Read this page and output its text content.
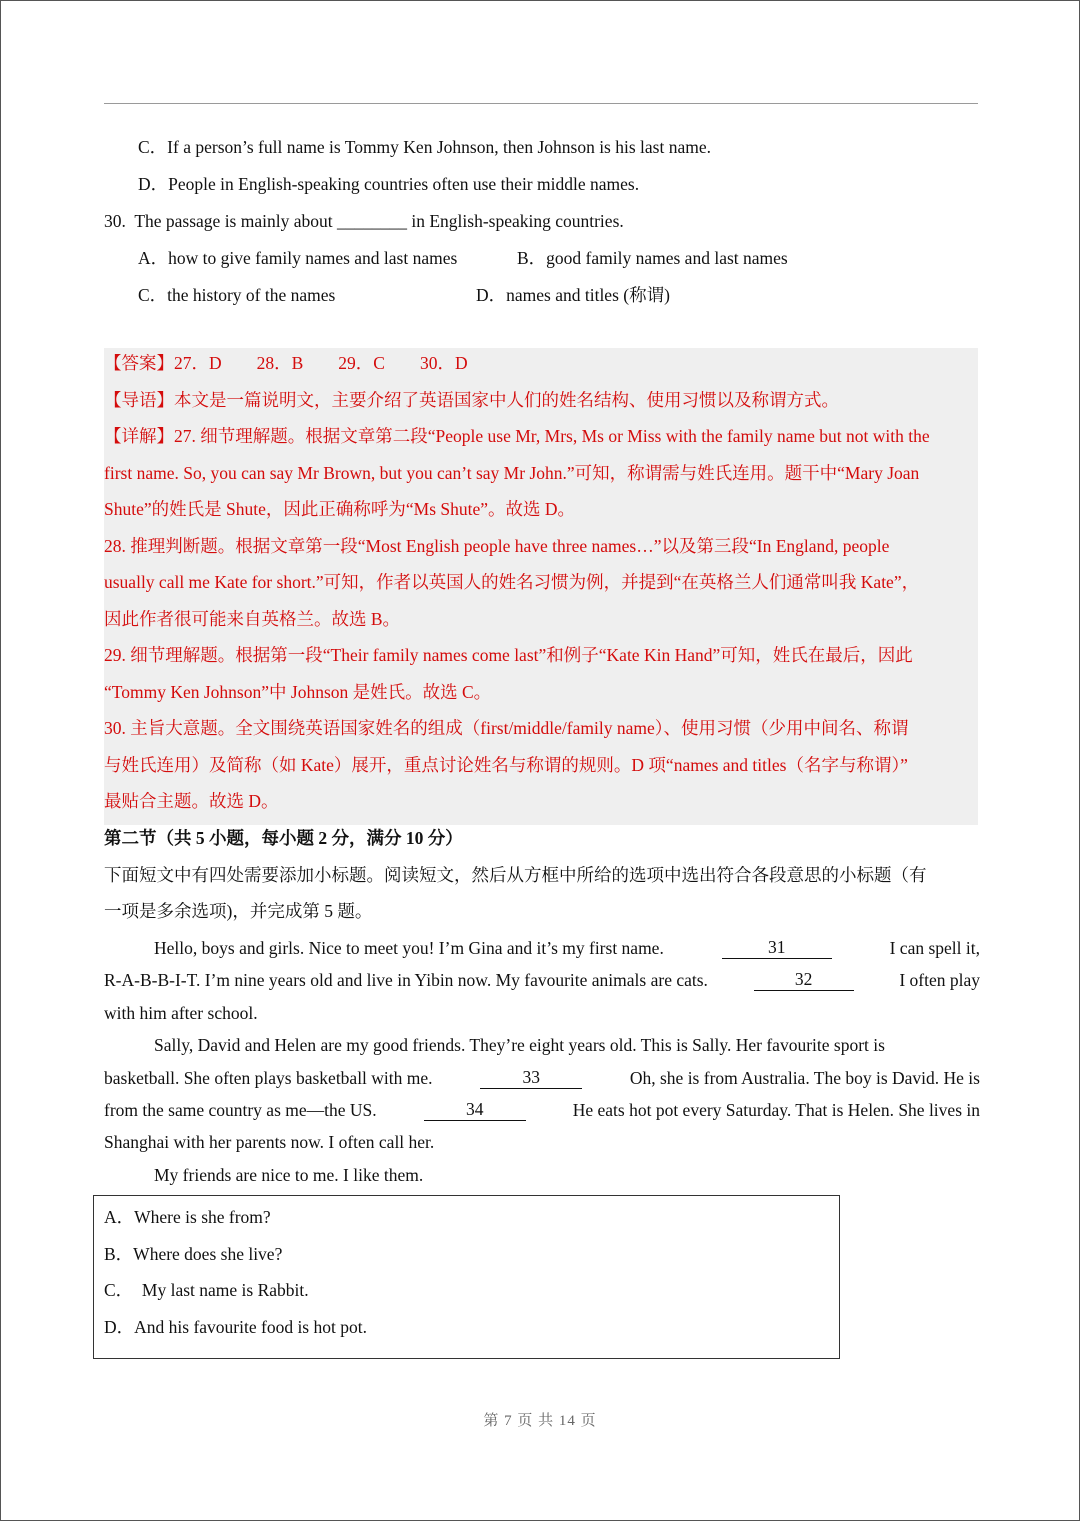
C．If a person’s full name is Tommy Ken Johnson, then Johnson is his last name.
D．People in English-speaking countries often use their middle names.
30. The passage is mainly about ________ in English-speaking countries.
A．how to give family names and last names	B．good family names and last names
C．the history of the names	D．names and titles (称谓)
【答案】27．D　　28．B　　29．C　　30．D
【导语】本文是一篇说明文，主要介绍了英语国家中人们的姓名结构、使用习惯以及称谓方式。
【详解】27. 细节理解题。根据文章第二段“People use Mr, Mrs, Ms or Miss with the family name but not with the
first name. So, you can say Mr Brown, but you can’t say Mr John.”可知，称谓需与姓氏连用。题干中“Mary Joan
Shute”的姓氏是 Shute，因此正确称呼为“Ms Shute”。故选 D。
28. 推理判断题。根据文章第一段“Most English people have three names…”以及第三段“In England, people
usually call me Kate for short.”可知，作者以英国人的姓名习惯为例，并提到“在英格兰人们通常叫我 Kate”，
因此作者很可能来自英格兰。故选 B。
29. 细节理解题。根据第一段“Their family names come last”和例子“Kate Kin Hand”可知，姓氏在最后，因此
“Tommy Ken Johnson”中 Johnson 是姓氏。故选 C。
30. 主旨大意题。全文围绕英语国家姓名的组成（first/middle/family name）、使用习惯（少用中间名、称谓
与姓氏连用）及简称（如 Kate）展开，重点讨论姓名与称谓的规则。D 项“names and titles（名字与称谓）”
最贴合主题。故选 D。
第二节（共 5 小题，每小题 2 分，满分 10 分）
下面短文中有四处需要添加小标题。阅读短文，然后从方框中所给的选项中选出符合各段意思的小标题（有
一项是多余选项)，并完成第 5 题。
Hello, boys and girls. Nice to meet you! I’m Gina and it’s my first name.	31	I can spell it,
R-A-B-B-I-T. I’m nine years old and live in Yibin now. My favourite animals are cats.	32	I often play
with him after school.
Sally, David and Helen are my good friends. They’re eight years old. This is Sally. Her favourite sport is
basketball. She often plays basketball with me.	33	Oh, she is from Australia. The boy is David. He is
from the same country as me—the US.	34	He eats hot pot every Saturday. That is Helen. She lives in
Shanghai with her parents now. I often call her.
My friends are nice to me. I like them.
A．Where is she from?
B．Where does she live?
C．　My last name is Rabbit.
D．And his favourite food is hot pot.
第 7 页 共 14 页
